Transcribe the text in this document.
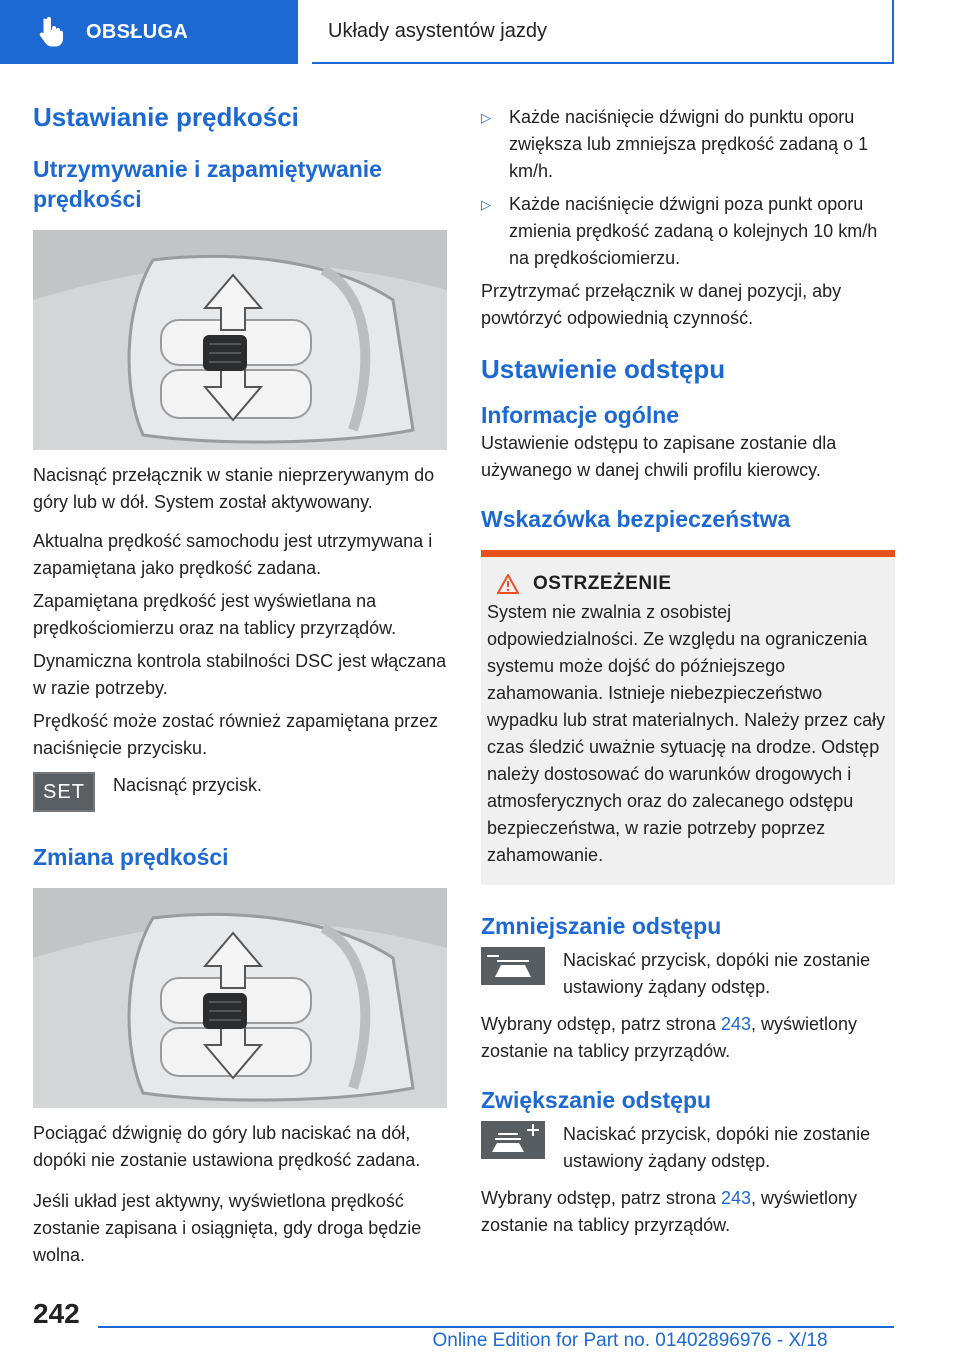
OBSŁUGA	Układy asystentów jazdy
Ustawianie prędkości
Utrzymywanie i zapamiętywanie prędkości

Nacisnąć przełącznik w stanie nieprzerywanym do góry lub w dół. System został aktywowany.

Aktualna prędkość samochodu jest utrzymywana i zapamiętana jako prędkość zadana.

Zapamiętana prędkość jest wyświetlana na prędkościomierzu oraz na tablicy przyrządów.

Dynamiczna kontrola stabilności DSC jest włączana w razie potrzeby.

Prędkość może zostać również zapamiętana przez naciśnięcie przycisku.

SET Nacisnąć przycisk.

Zmiana prędkości

Pociągać dźwignię do góry lub naciskać na dół, dopóki nie zostanie ustawiona prędkość zadana.

Jeśli układ jest aktywny, wyświetlona prędkość zostanie zapisana i osiągnięta, gdy droga będzie wolna.

▷ Każde naciśnięcie dźwigni do punktu oporu zwiększa lub zmniejsza prędkość zadaną o 1 km/h.

▷ Każde naciśnięcie dźwigni poza punkt oporu zmienia prędkość zadaną o kolejnych 10 km/h na prędkościomierzu.

Przytrzymać przełącznik w danej pozycji, aby powtórzyć odpowiednią czynność.

Ustawienie odstępu
Informacje ogólne

Ustawienie odstępu to zapisane zostanie dla używanego w danej chwili profilu kierowcy.

Wskazówka bezpieczeństwa
OSTRZEŻENIE

System nie zwalnia z osobistej odpowiedzialności. Ze względu na ograniczenia systemu może dojść do późniejszego zahamowania. Istnieje niebezpieczeństwo wypadku lub strat materialnych. Należy przez cały czas śledzić uważnie sytuację na drodze. Odstęp należy dostosować do warunków drogowych i atmosferycznych oraz do zalecanego odstępu bezpieczeństwa, w razie potrzeby poprzez zahamowanie.

Zmniejszanie odstępu

Naciskać przycisk, dopóki nie zostanie ustawiony żądany odstęp.

Wybrany odstęp, patrz strona 243, wyświetlony zostanie na tablicy przyrządów.

Zwiększanie odstępu

Naciskać przycisk, dopóki nie zostanie ustawiony żądany odstęp.

Wybrany odstęp, patrz strona 243, wyświetlony zostanie na tablicy przyrządów.

242
Online Edition for Part no. 01402896976 - X/18
